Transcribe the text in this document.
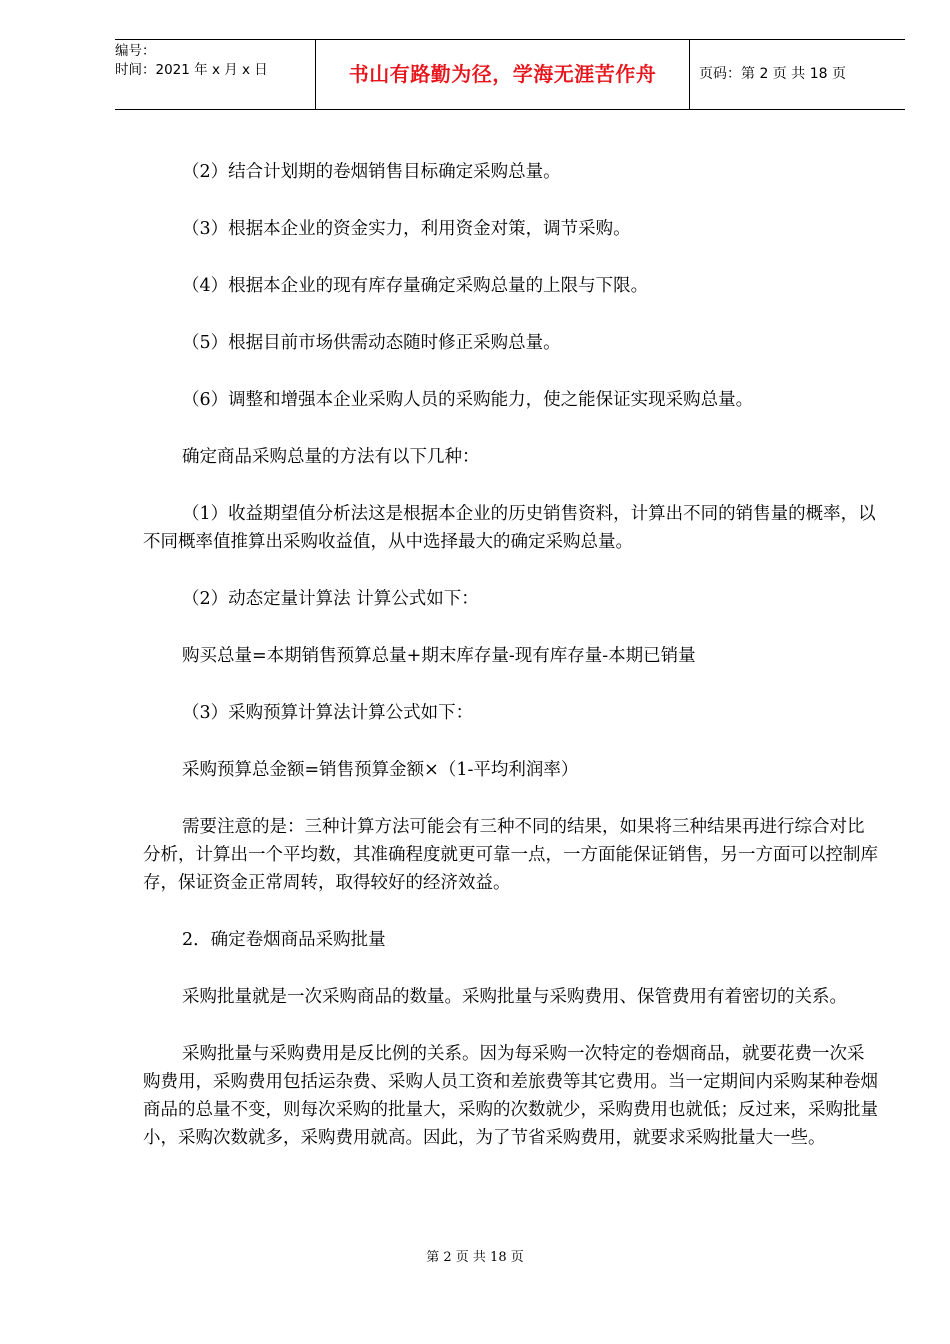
编号：
时间：2021 年 x 月 x 日	书山有路勤为径，学海无涯苦作舟	页码：第 2 页 共 18 页

（2）结合计划期的卷烟销售目标确定采购总量。

（3）根据本企业的资金实力，利用资金对策，调节采购。

（4）根据本企业的现有库存量确定采购总量的上限与下限。

（5）根据目前市场供需动态随时修正采购总量。

（6）调整和增强本企业采购人员的采购能力，使之能保证实现采购总量。

确定商品采购总量的方法有以下几种：

（1）收益期望值分析法这是根据本企业的历史销售资料，计算出不同的销售量的概率，以不同概率值推算出采购收益值，从中选择最大的确定采购总量。

（2）动态定量计算法 计算公式如下：

购买总量=本期销售预算总量+期末库存量-现有库存量-本期已销量

（3）采购预算计算法计算公式如下：

采购预算总金额=销售预算金额×（1-平均利润率）

需要注意的是：三种计算方法可能会有三种不同的结果，如果将三种结果再进行综合对比分析，计算出一个平均数，其准确程度就更可靠一点，一方面能保证销售，另一方面可以控制库存，保证资金正常周转，取得较好的经济效益。

2．确定卷烟商品采购批量

采购批量就是一次采购商品的数量。采购批量与采购费用、保管费用有着密切的关系。

采购批量与采购费用是反比例的关系。因为每采购一次特定的卷烟商品，就要花费一次采购费用，采购费用包括运杂费、采购人员工资和差旅费等其它费用。当一定期间内采购某种卷烟商品的总量不变，则每次采购的批量大，采购的次数就少，采购费用也就低；反过来，采购批量小，采购次数就多，采购费用就高。因此，为了节省采购费用，就要求采购批量大一些。

第 2 页 共 18 页
